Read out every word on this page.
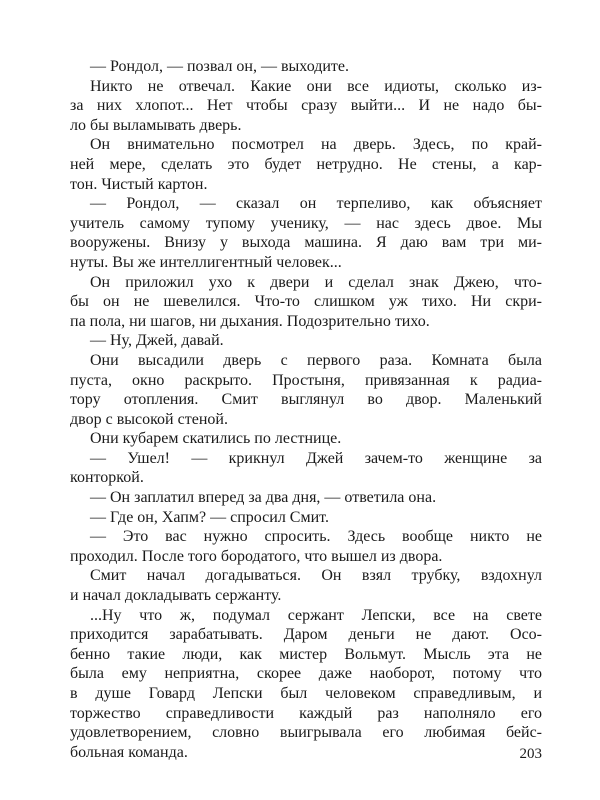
— Рондол, — позвал он, — выходите.
Никто не отвечал. Какие они все идиоты, сколько из-
за них хлопот... Нет чтобы сразу выйти... И не надо бы-
ло бы выламывать дверь.
Он внимательно посмотрел на дверь. Здесь, по край-
ней мере, сделать это будет нетрудно. Не стены, а кар-
тон. Чистый картон.
— Рондол, — сказал он терпеливо, как объясняет
учитель самому тупому ученику, — нас здесь двое. Мы
вооружены. Внизу у выхода машина. Я даю вам три ми-
нуты. Вы же интеллигентный человек...
Он приложил ухо к двери и сделал знак Джею, что-
бы он не шевелился. Что-то слишком уж тихо. Ни скри-
па пола, ни шагов, ни дыхания. Подозрительно тихо.
— Ну, Джей, давай.
Они высадили дверь с первого раза. Комната была
пуста, окно раскрыто. Простыня, привязанная к радиа-
тору отопления. Смит выглянул во двор. Маленький
двор с высокой стеной.
Они кубарем скатились по лестнице.
— Ушел! — крикнул Джей зачем-то женщине за
конторкой.
— Он заплатил вперед за два дня, — ответила она.
— Где он, Хапм? — спросил Смит.
— Это вас нужно спросить. Здесь вообще никто не
проходил. После того бородатого, что вышел из двора.
Смит начал догадываться. Он взял трубку, вздохнул
и начал докладывать сержанту.
...Ну что ж, подумал сержант Лепски, все на свете
приходится зарабатывать. Даром деньги не дают. Осо-
бенно такие люди, как мистер Вольмут. Мысль эта не
была ему неприятна, скорее даже наоборот, потому что
в душе Говард Лепски был человеком справедливым, и
торжество справедливости каждый раз наполняло его
удовлетворением, словно выигрывала его любимая бейс-
больная команда.	203
